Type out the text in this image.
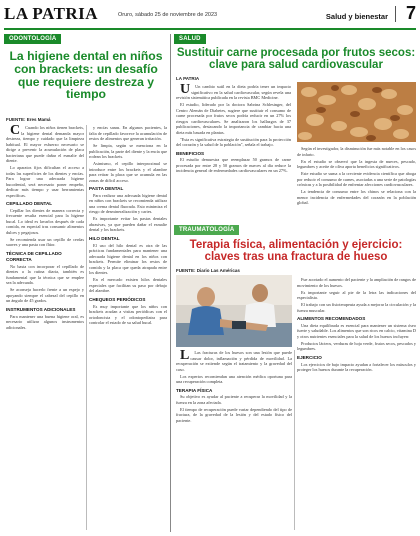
LA PATRIA	Oruro, sábado 25 de noviembre de 2023	Salud y bienestar 7
ODONTOLOGÍA
La higiene dental en niños con brackets: un desafío que requiere destreza y tiempo
FUENTE: Eres Mamá

C Cuando los niños tienen brackets, la higiene dental demanda mayor destreza, tiempo y cuidado que la limpieza habitual. El mayor esfuerzo necesario se dirige a prevenir la acumulación de placa bacteriana que puede dañar el esmalte del diente.

Lo aparatos fijos dificultan el acceso a todas las superficies de los dientes y encías. Para lograr una adecuada higiene bucodental, será necesario poner empeño, dedicar más tiempo y usar herramientas específicas.

CEPILLADO DENTAL

Cepillar los dientes de manera correcta y frecuente resulta esencial para la higiene bucal. Lo ideal es lavarlos después de cada comida, en especial tras consumir alimentos dulces y pegajosos.

Se recomienda usar un cepillo de cerdas suaves y una pasta con flúor.

TÉCNICA DE CEPILLADO CORRECTA

No basta con incorporar el cepillado de dientes a la rutina diaria, también es fundamental que la técnica que se emplee sea la adecuada.

Se aconseja hacerlo frente a un espejo y apoyando siempre el cabezal del cepillo en un ángulo de 45 grados.

INSTRUMENTOS ADICIONALES

Para mantener una buena higiene oral, es necesario utilizar algunos instrumentos adicionales.

y encías sanas. En algunos pacientes, la falta de cepillado favorece la acumulación de restos de alimentos que generan irritación.

Se limpia, según se menciona en la publicación, la parte del diente y la encía que rodean los brackets.

Asimismo, el cepillo interproximal se introduce entre los brackets y el alambre para retirar la placa que se acumula en las zonas de difícil acceso.

PASTA DENTAL

Para realizar una adecuada higiene dental en niños con brackets se recomienda utilizar una crema dental fluorada. Esto minimiza el riesgo de desmineralización y caries.

Es importante evitar las pastas dentales abrasivas, ya que pueden dañar el esmalte dental y los brackets.

HILO DENTAL

El uso del hilo dental es otra de las prácticas fundamentales para mantener una adecuada higiene dental en los niños con brackets. Permite eliminar los restos de comida y la placa que queda atrapada entre los dientes.

En el mercado existen hilos dentales especiales que facilitan su paso por debajo del alambre.

CHEQUEOS PERIÓDICOS

Es muy importante que los niños con brackets acudan a visitas periódicas con el ortodoncista y el odontopediatra para controlar el estado de su salud bucal.

SALUD
Sustituir carne procesada por frutos secos: clave para salud cardiovascular
LA PATRIA

U Un cambio sutil en la dieta podría tener un impacto significativo en la salud cardiovascular, según revela una revisión sistemática publicada en la revista BMC Medicine.

El estudio, liderado por la doctora Sabrina Schlesinger, del Centro Alemán de Diabetes, sugiere que sustituir el consumo de carne procesada por frutos secos podría reducir en un 27% los riesgos cardiovasculares. Se analizaron los hallazgos de 37 publicaciones, destacando la importancia de cambiar hacia una dieta más basada en plantas.

"Esta es significativa estrategia de sustitución para la protección del corazón y la salud de la población", señala el trabajo.

BENEFICIOS

El estudio demuestra que reemplazar 50 gramos de carne procesada por entre 28 y 50 gramos de nueces al día reduce la incidencia general de enfermedades cardiovasculares en un 27%.

Según el investigador, la disminución fue más notable en los casos de infarto.

En el estudio se observó que la ingesta de nueces, pescado, legumbres y aceite de oliva aporta beneficios significativos.

Este estudio se suma a la creciente evidencia científica que aboga por reducir el consumo de carnes, asociadas a una serie de patologías crónicas y a la posibilidad de enfrentar afecciones cardiovasculares.

La tendencia de consumo entre los chinos se relaciona con la menor incidencia de enfermedades del corazón en la población global.

TRAUMATOLOGÍA
Terapia física, alimentación y ejercicio: claves tras una fractura de hueso
FUENTE: Diario Las Américas

L Las fracturas de los huesos son una lesión que puede causar dolor, inflamación y pérdida de movilidad. La recuperación se extiende según el tratamiento y la gravedad del caso.

Los expertos recomiendan una atención médica oportuna para una recuperación completa.

TERAPIA FÍSICA

Su objetivo es ayudar al paciente a recuperar la movilidad y la fuerza en la zona afectada.

El tiempo de recuperación puede variar dependiendo del tipo de fractura, de la gravedad de la lesión y del estado físico del paciente.

Fue acortado el aumento del paciente y la ampliación de rangos de movimiento de los huesos.

Es importante seguir al pie de la letra las indicaciones del especialista.

El trabajo con un fisioterapeuta ayuda a mejorar la circulación y la fuerza muscular.

ALIMENTOS RECOMENDADOS

Una dieta equilibrada es esencial para mantener un sistema óseo fuerte y saludable. Los alimentos que son ricos en calcio, vitamina D y otros nutrientes esenciales para la salud de los huesos incluyen:

Productos lácteos, verduras de hoja verde, frutos secos, pescados y legumbres.

EJERCICIO

Los ejercicios de bajo impacto ayudan a fortalecer los músculos y proteger los huesos durante la recuperación.
